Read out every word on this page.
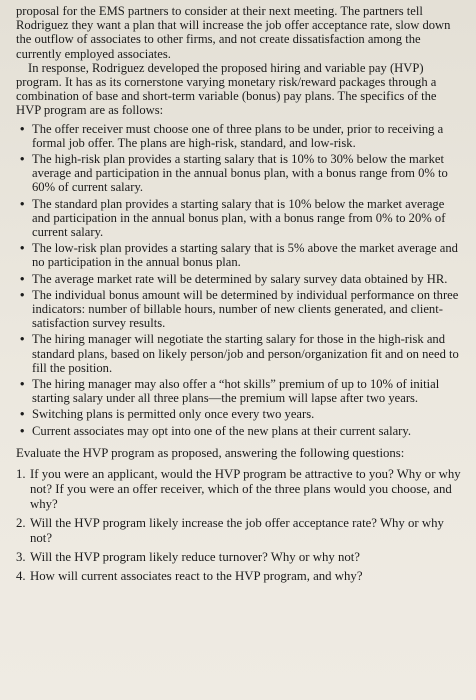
proposal for the EMS partners to consider at their next meeting. The partners tell Rodriguez they want a plan that will increase the job offer acceptance rate, slow down the outflow of associates to other firms, and not create dissatisfaction among the currently employed associates.

In response, Rodriguez developed the proposed hiring and variable pay (HVP) program. It has as its cornerstone varying monetary risk/reward packages through a combination of base and short-term variable (bonus) pay plans. The specifics of the HVP program are as follows:

• The offer receiver must choose one of three plans to be under, prior to receiving a formal job offer. The plans are high-risk, standard, and low-risk.
• The high-risk plan provides a starting salary that is 10% to 30% below the market average and participation in the annual bonus plan, with a bonus range from 0% to 60% of current salary.
• The standard plan provides a starting salary that is 10% below the market average and participation in the annual bonus plan, with a bonus range from 0% to 20% of current salary.
• The low-risk plan provides a starting salary that is 5% above the market average and no participation in the annual bonus plan.
• The average market rate will be determined by salary survey data obtained by HR.
• The individual bonus amount will be determined by individual performance on three indicators: number of billable hours, number of new clients generated, and client-satisfaction survey results.
• The hiring manager will negotiate the starting salary for those in the high-risk and standard plans, based on likely person/job and person/organization fit and on need to fill the position.
• The hiring manager may also offer a “hot skills” premium of up to 10% of initial starting salary under all three plans—the premium will lapse after two years.
• Switching plans is permitted only once every two years.
• Current associates may opt into one of the new plans at their current salary.

Evaluate the HVP program as proposed, answering the following questions:

1. If you were an applicant, would the HVP program be attractive to you? Why or why not? If you were an offer receiver, which of the three plans would you choose, and why?
2. Will the HVP program likely increase the job offer acceptance rate? Why or why not?
3. Will the HVP program likely reduce turnover? Why or why not?
4. How will current associates react to the HVP program, and why?
